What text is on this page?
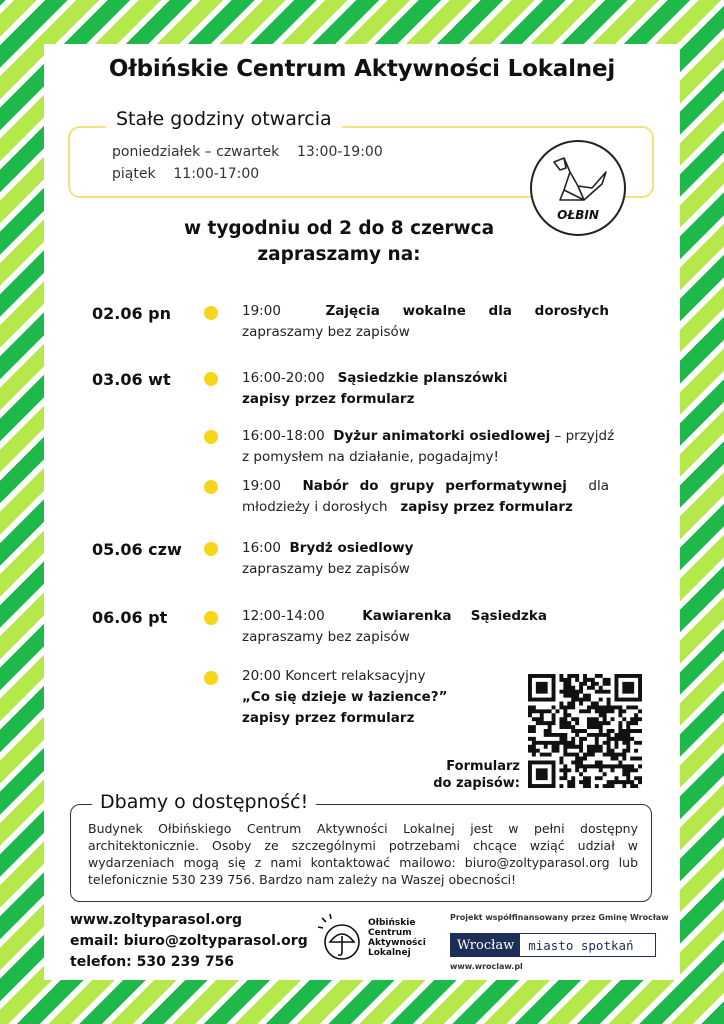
Ołbińskie Centrum Aktywności Lokalnej
Stałe godziny otwarcia
poniedziałek – czwartek 13:00-19:00
piątek 11:00-17:00
OŁBIN
w tygodniu od 2 do 8 czerwca
zapraszamy na:
02.06 pn	19:00	Zajęcia wokalne dla dorosłych
zapraszamy bez zapisów
03.06 wt	16:00-20:00 Sąsiedzkie planszówki
zapisy przez formularz
16:00-18:00 Dyżur animatorki osiedlowej – przyjdź
z pomysłem na działanie, pogadajmy!
19:00 Nabór do grupy performatywnej dla
młodzieży i dorosłych zapisy przez formularz
05.06 czw	16:00 Brydż osiedlowy
zapraszamy bez zapisów
06.06 pt	12:00-14:00	Kawiarenka Sąsiedzka
zapraszamy bez zapisów
20:00 Koncert relaksacyjny
„Co się dzieje w łazience?”
zapisy przez formularz
Formularz
do zapisów:
Dbamy o dostępność!
Budynek Ołbińskiego Centrum Aktywności Lokalnej jest w pełni dostępny architektonicznie. Osoby ze szczególnymi potrzebami chcące wziąć udział w wydarzeniach mogą się z nami kontaktować mailowo: biuro@zoltyparasol.org lub telefonicznie 530 239 756. Bardzo nam zależy na Waszej obecności!
www.zoltyparasol.org
email: biuro@zoltyparasol.org
telefon: 530 239 756
Ołbińskie
Centrum
Aktywności
Lokalnej
Projekt współfinansowany przez Gminę Wrocław
Wrocław	miasto spotkań
www.wroclaw.pl
